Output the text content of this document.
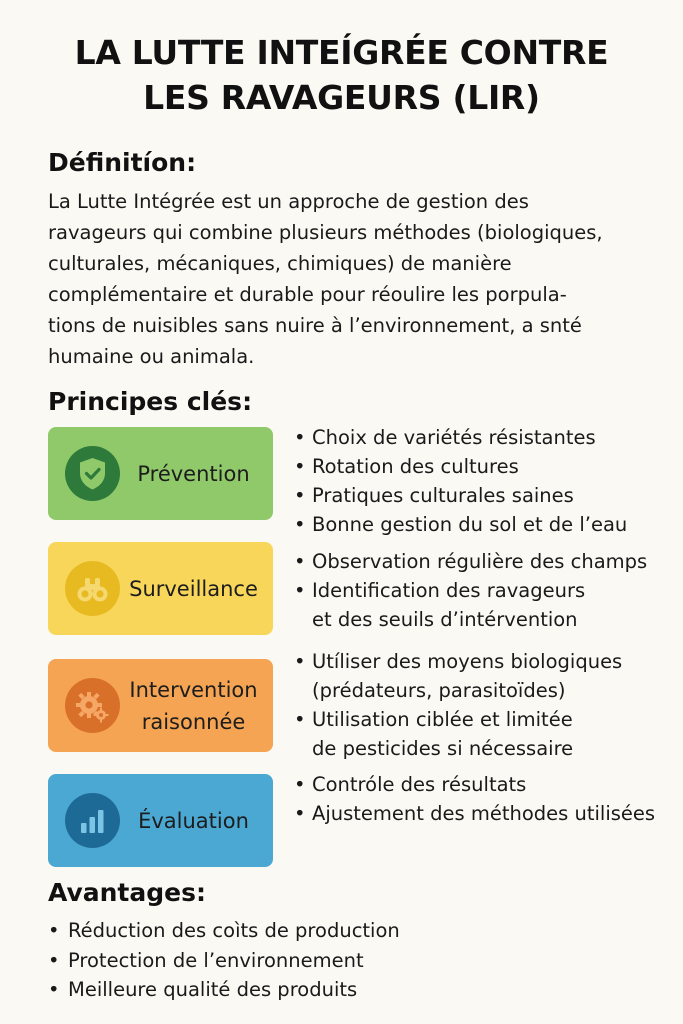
LA LUTTE INTEÍGRÉE CONTRE
LES RAVAGEURS (LIR)
Définitíon:
La Lutte Intégrée est un approche de gestion des
ravageurs qui combine plusieurs méthodes (biologiques,
culturales, mécaniques, chimiques) de manière
complémentaire et durable pour réoulire les porpula-
tions de nuisibles sans nuire à l’environnement, a snté
humaine ou animala.
Principes clés:
Prévention
• Choix de variétés résistantes
• Rotation des cultures
• Pratiques culturales saines
• Bonne gestion du sol et de l’eau
Surveillance
• Observation régulière des champs
• Identification des ravageurs
et des seuils d’intérvention
Intervention
raisonnée
• Utíliser des moyens biologiques
(prédateurs, parasitoïdes)
• Utilisation ciblée et limitée
de pesticides si nécessaire
Évaluation
• Contróle des résultats
• Ajustement des méthodes utilisées
Avantages:
• Réduction des coìts de production
• Protection de l’environnement
• Meilleure qualité des produits
